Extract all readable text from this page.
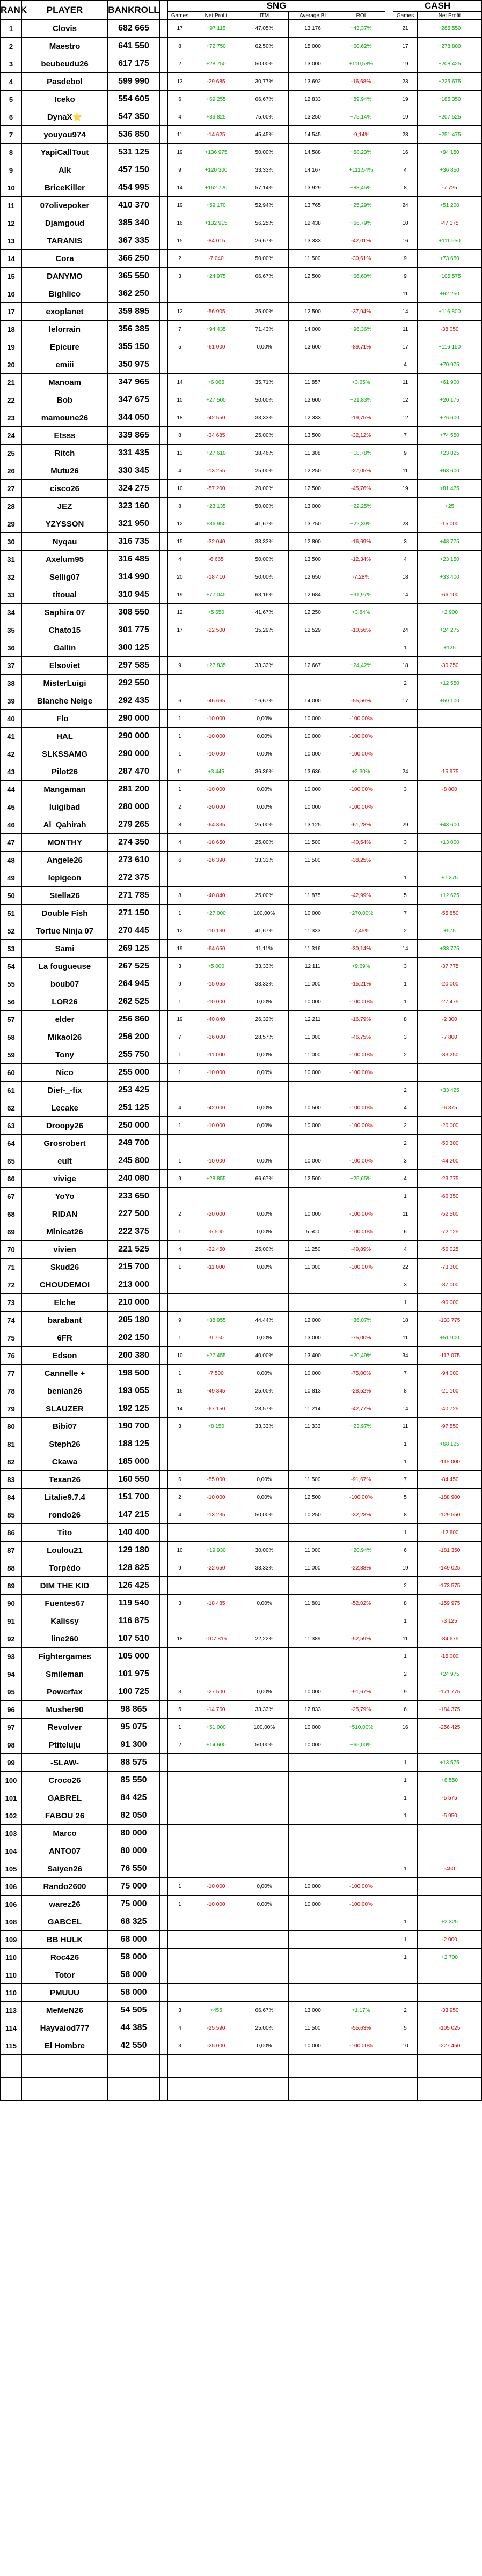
RANK	PLAYER	BANKROLL		SNG						CASH	
				Games	Net Profit	ITM	Average BI	ROI		Games	Net Profit
1	Clovis	682 665		17	+97 115	47,05%	13 176	+43,37%		21	+285 550
2	Maestro	641 550		8	+72 750	62,50%	15 000	+60,62%		17	+278 800
3	beubeudu26	617 175		2	+28 750	50,00%	13 000	+110,58%		19	+208 425
4	Pasdebol	599 990		13	-29 685	30,77%	13 692	-16,68%		23	+225 675
5	Iceko	554 605		6	+69 255	66,67%	12 833	+89,94%		19	+185 350
6	DynaX⭐	547 350		4	+39 825	75,00%	13 250	+75,14%		19	+207 525
7	youyou974	536 850		11	-14 625	45,45%	14 545	-9,14%		23	+251 475
8	YapiCallTout	531 125		19	+136 975	50,00%	14 588	+58,23%		16	+94 150
9	Alk	457 150		9	+120 300	33,33%	14 167	+111,54%		4	+36 850
10	BriceKiller	454 995		14	+162 720	57,14%	13 929	+83,45%		8	-7 725
11	07olivepoker	410 370		19	+59 170	52,94%	13 765	+25,29%		24	+51 200
12	Djamgoud	385 340		16	+132 915	56,25%	12 438	+66,79%		10	-47 175
13	TARANIS	367 335		15	-84 015	26,67%	13 333	-42,01%		16	+111 550
14	Cora	366 250		2	-7 040	50,00%	11 500	-30,61%		9	+73 650
15	DANYMO	365 550		3	+24 975	66,67%	12 500	+66,60%		9	+105 575
16	Bighlico	362 250								11	+62 250
17	exoplanet	359 895		12	-56 905	25,00%	12 500	-37,94%		14	+116 800
18	lelorrain	356 385		7	+94 435	71,43%	14 000	+96,36%		11	-38 050
19	Epicure	355 150		5	-61 000	0,00%	13 600	-89,71%		17	+116 150
20	emiii	350 975								4	+70 975
21	Manoam	347 965		14	+6 065	35,71%	11 857	+3,65%		11	+61 900
22	Bob	347 675		10	+27 500	50,00%	12 600	+21,83%		12	+20 175
23	mamoune26	344 050		18	-42 550	33,33%	12 333	-19,75%		12	+76 600
24	Etsss	339 865		8	-34 685	25,00%	13 500	-32,12%		7	+74 550
25	Ritch	331 435		13	+27 610	38,46%	11 308	+18,78%		9	+23 825
26	Mutu26	330 345		4	-13 255	25,00%	12 250	-27,05%		11	+63 600
27	cisco26	324 275		10	-57 200	20,00%	12 500	-45,76%		19	+81 475
28	JEZ	323 160		8	+23 135	50,00%	13 000	+22,25%			+25
29	YZYSSON	321 950		12	+36 950	41,67%	13 750	+22,39%		23	-15 000
30	Nyqau	316 735		15	-32 040	33,33%	12 800	-16,69%		3	+48 775
31	Axelum95	316 485		4	-6 665	50,00%	13 500	-12,34%		4	+23 150
32	Sellig07	314 990		20	-18 410	50,00%	12 650	-7,28%		18	+33 400
33	titoual	310 945		19	+77 045	63,16%	12 684	+31,97%		14	-66 100
34	Saphira 07	308 550		12	+5 650	41,67%	12 250	+3,84%			+2 900
35	Chato15	301 775		17	-22 500	35,29%	12 529	-10,56%		24	+24 275
36	Gallin	300 125								1	+125
37	Elsoviet	297 585		9	+27 835	33,33%	12 667	+24,42%		18	-30 250
38	MisterLuigi	292 550								2	+12 550
39	Blanche Neige	292 435		6	-46 665	16,67%	14 000	-55,56%		17	+59 100
40	Flo_	290 000		1	-10 000	0,00%	10 000	-100,00%			
41	HAL	290 000		1	-10 000	0,00%	10 000	-100,00%			
42	SLKSSAMG	290 000		1	-10 000	0,00%	10 000	-100,00%			
43	Pilot26	287 470		11	+3 445	36,36%	13 636	+2,30%		24	-15 975
44	Mangaman	281 200		1	-10 000	0,00%	10 000	-100,00%		3	-8 800
45	luigibad	280 000		2	-20 000	0,00%	10 000	-100,00%			
46	Al_Qahirah	279 265		8	-64 335	25,00%	13 125	-61,28%		29	+43 600
47	MONTHY	274 350		4	-18 650	25,00%	11 500	-40,54%		3	+13 000
48	Angele26	273 610		6	-26 390	33,33%	11 500	-38,25%			
49	lepigeon	272 375								1	+7 375
50	Stella26	271 785		8	-40 840	25,00%	11 875	-42,99%		5	+12 625
51	Double Fish	271 150		1	+27 000	100,00%	10 000	+270,00%		7	-55 850
52	Tortue Ninja 07	270 445		12	-10 130	41,67%	11 333	-7,45%		2	+575
53	Sami	269 125		19	-64 650	11,11%	11 316	-30,14%		14	+33 775
54	La fougueuse	267 525		3	+5 000	33,33%	12 111	+9,69%		3	-37 775
55	boub07	264 945		9	-15 055	33,33%	11 000	-15,21%		1	-20 000
56	LOR26	262 525		1	-10 000	0,00%	10 000	-100,00%		1	-27 475
57	elder	256 860		19	-40 840	26,32%	12 211	-16,79%		8	-2 300
58	Mikaol26	256 200		7	-36 000	28,57%	11 000	-46,75%		3	-7 800
59	Tony	255 750		1	-11 000	0,00%	11 000	-100,00%		2	-33 250
60	Nico	255 000		1	-10 000	0,00%	10 000	-100,00%			
61	Dief-_-fix	253 425								2	+33 425
62	Lecake	251 125		4	-42 000	0,00%	10 500	-100,00%		4	-6 875
63	Droopy26	250 000		1	-10 000	0,00%	10 000	-100,00%		2	-20 000
64	Grosrobert	249 700								2	-50 300
65	eult	245 800		1	-10 000	0,00%	10 000	-100,00%		3	-44 200
66	vivige	240 080		9	+28 855	66,67%	12 500	+25,65%		4	-23 775
67	YoYo	233 650								1	-66 350
68	RIDAN	227 500		2	-20 000	0,00%	10 000	-100,00%		11	-52 500
69	Mlnicat26	222 375		1	-5 500	0,00%	5 500	-100,00%		6	-72 125
70	vivien	221 525		4	-22 450	25,00%	11 250	-49,89%		4	-56 025
71	Skud26	215 700		1	-11 000	0,00%	11 000	-100,00%		22	-73 300
72	CHOUDEMOI	213 000								3	-87 000
73	Elche	210 000								1	-90 000
74	barabant	205 180		9	+38 955	44,44%	12 000	+36,07%		18	-133 775
75	6FR	202 150		1	-9 750	0,00%	13 000	-75,00%		11	+51 900
76	Edson	200 380		10	+27 455	40,00%	13 400	+20,49%		34	-117 075
77	Cannelle +	198 500		1	-7 500	0,00%	10 000	-75,00%		7	-94 000
78	benian26	193 055		16	-49 345	25,00%	10 813	-28,52%		8	-21 100
79	SLAUZER	192 125		14	-67 150	28,57%	11 214	-42,77%		14	-40 725
80	Bibi07	190 700		3	+8 150	33,33%	11 333	+23,97%		11	-97 550
81	Steph26	188 125								1	+68 125
82	Ckawa	185 000								1	-115 000
83	Texan26	160 550		6	-55 000	0,00%	11 500	-91,67%		7	-84 450
84	Litalie9.7.4	151 700		2	-10 000	0,00%	12 500	-100,00%		5	-188 900
85	rondo26	147 215		4	-13 235	50,00%	10 250	-32,28%		8	-129 550
86	Tito	140 400								1	-12 600
87	Loulou21	129 180		10	+19 930	30,00%	11 000	+20,94%		6	-181 350
88	Torpédo	128 825		9	-22 650	33,33%	11 000	-22,88%		19	-149 025
89	DIM THE KID	126 425								2	-173 575
90	Fuentes67	119 540		3	-18 485	0,00%	11 801	-52,02%		8	-159 975
91	Kalissy	116 875								1	-3 125
92	line260	107 510		18	-107 815	22,22%	11 389	-52,59%		11	-84 675
93	Fightergames	105 000								1	-15 000
94	Smileman	101 975								2	+24 975
95	Powerfax	100 725		3	-27 500	0,00%	10 000	-91,67%		9	-171 775
96	Musher90	98 865		5	-14 760	33,33%	12 833	-25,79%		6	-184 375
97	Revolver	95 075		1	+51 000	100,00%	10 000	+510,00%		16	-256 425
98	Ptiteluju	91 300		2	+14 600	50,00%	10 000	+65,00%			
99	-SLAW-	88 575								1	+13 575
100	Croco26	85 550								1	+8 550
101	GABREL	84 425								1	-5 575
102	FABOU 26	82 050								1	-5 950
103	Marco	80 000									
104	ANTO07	80 000									
105	Saiyen26	76 550								1	-450
106	Rando2600	75 000		1	-10 000	0,00%	10 000	-100,00%			
106	warez26	75 000		1	-10 000	0,00%	10 000	-100,00%			
108	GABCEL	68 325								1	+2 325
109	BB HULK	68 000								1	-2 000
110	Roc426	58 000								1	+2 700
110	Totor	58 000									
110	PMUUU	58 000									
113	MeMeN26	54 505		3	+455	66,67%	13 000	+1,17%		2	-33 950
114	Hayvaiod777	44 385		4	-25 590	25,00%	11 500	-55,63%		5	-105 025
115	El Hombre	42 550		3	-25 000	0,00%	10 000	-100,00%		10	-227 450
